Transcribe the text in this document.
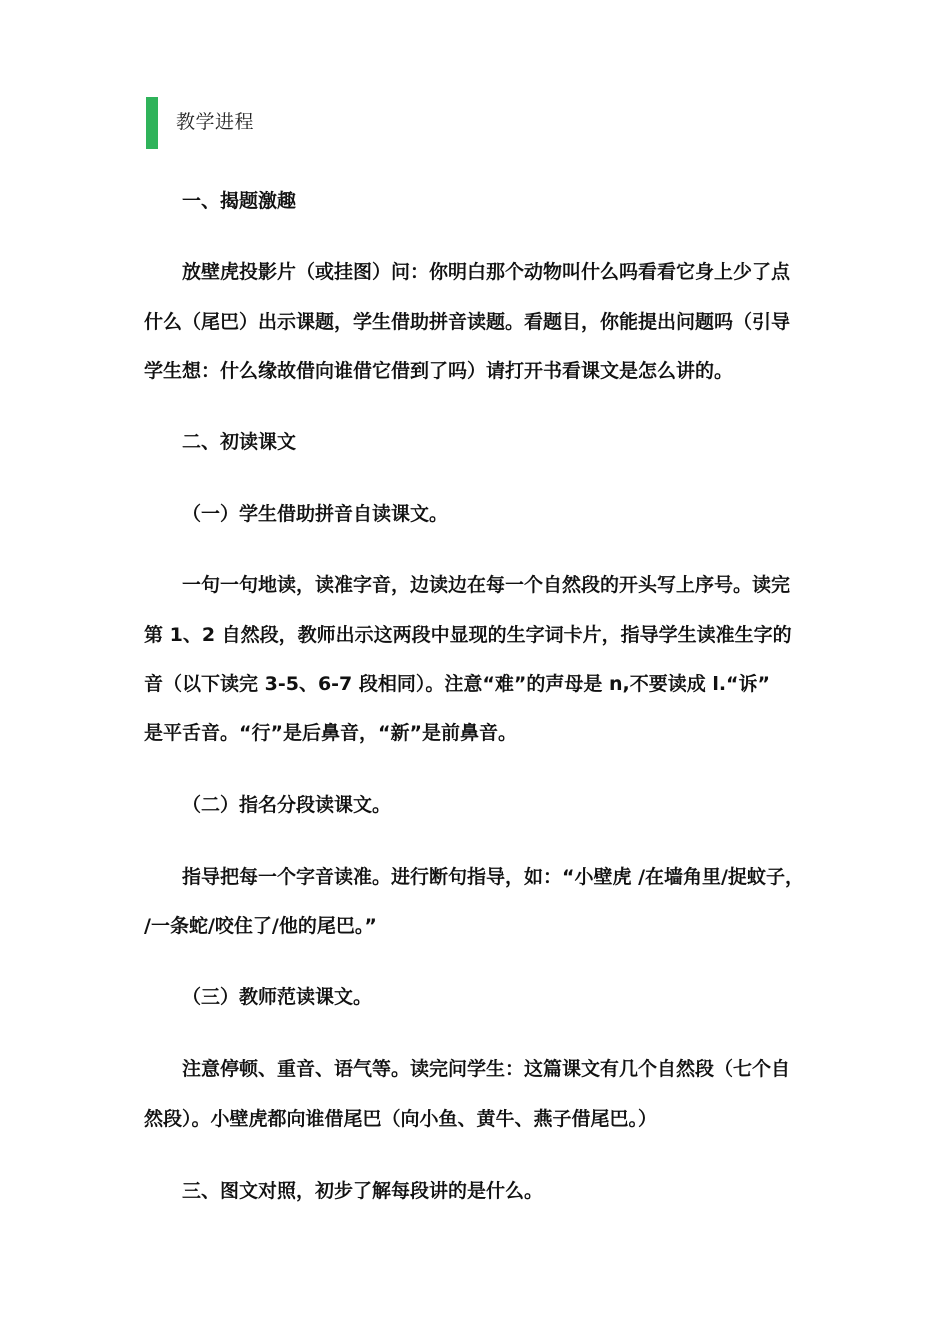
教学进程
一、揭题激趣
放壁虎投影片（或挂图）问：你明白那个动物叫什么吗看看它身上少了点
什么（尾巴）出示课题，学生借助拼音读题。看题目，你能提出问题吗（引导
学生想：什么缘故借向谁借它借到了吗）请打开书看课文是怎么讲的。
二、初读课文
（一）学生借助拼音自读课文。
一句一句地读，读准字音，边读边在每一个自然段的开头写上序号。读完
第 1、2 自然段，教师出示这两段中显现的生字词卡片，指导学生读准生字的
音（以下读完 3-5、6-7 段相同）。注意“难”的声母是 n,不要读成 l.“诉”
是平舌音。“行”是后鼻音，“新”是前鼻音。
（二）指名分段读课文。
指导把每一个字音读准。进行断句指导，如：“小壁虎 /在墙角里/捉蚊子，
/一条蛇/咬住了/他的尾巴。”
（三）教师范读课文。
注意停顿、重音、语气等。读完问学生：这篇课文有几个自然段（七个自
然段）。小壁虎都向谁借尾巴（向小鱼、黄牛、燕子借尾巴。）
三、图文对照，初步了解每段讲的是什么。
